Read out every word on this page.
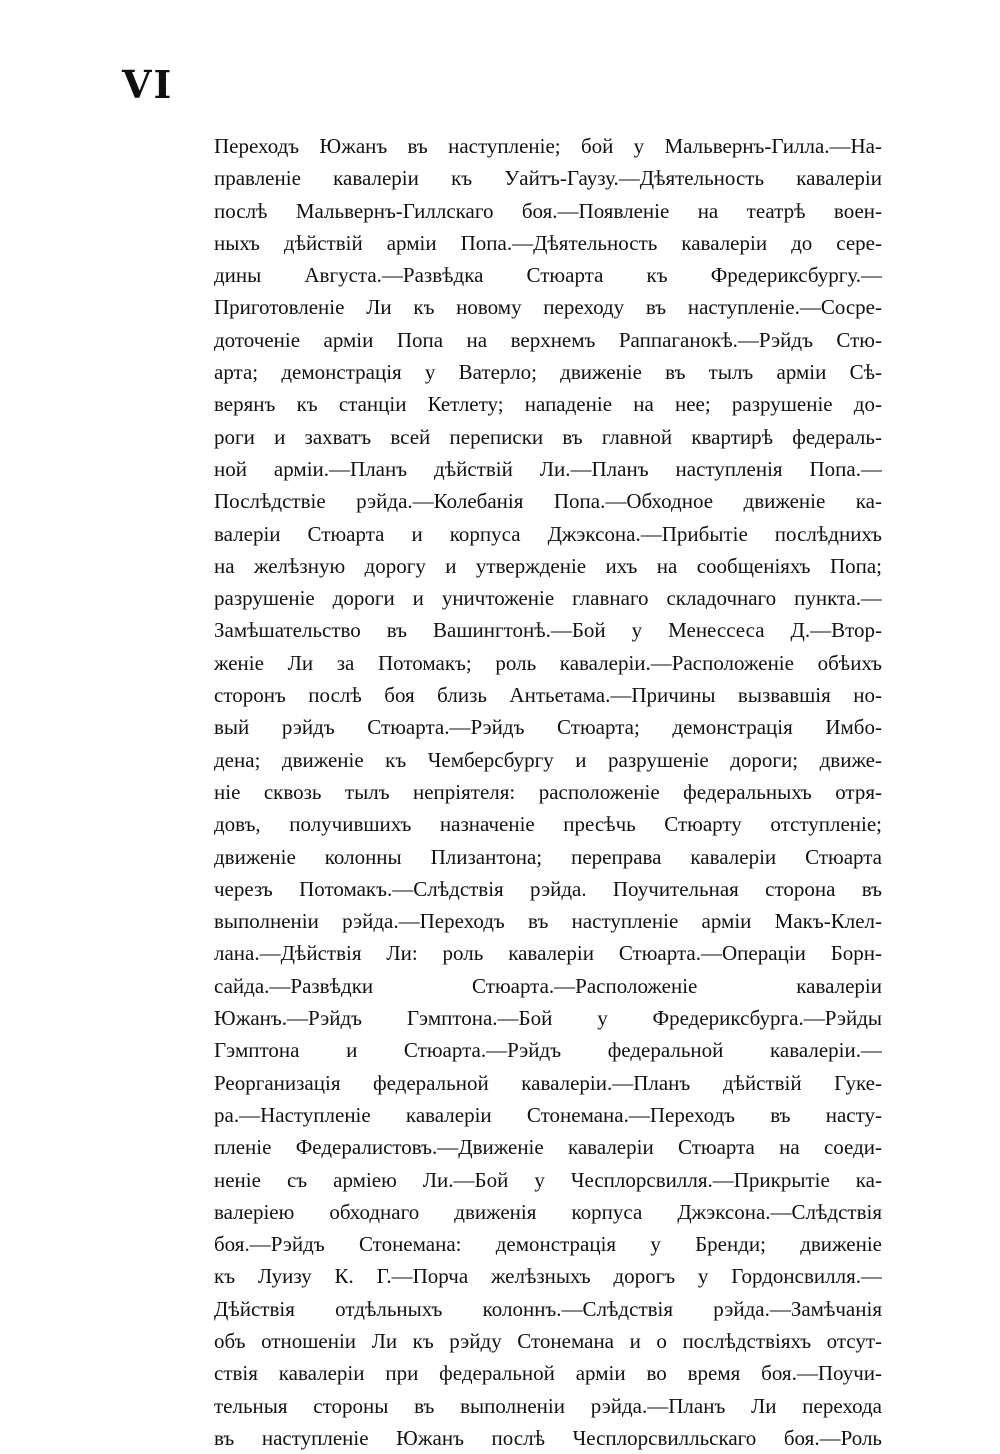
VI
Переходъ Южанъ въ наступленіе; бой у Мальвернъ-Гилла.—На-
правленіе кавалеріи къ Уайтъ-Гаузу.—Дѣятельность кавалеріи
послѣ Мальвернъ-Гиллскаго боя.—Появленіе на театрѣ воен-
ныхъ дѣйствій арміи Попа.—Дѣятельность кавалеріи до сере-
дины Августа.—Развѣдка Стюарта къ Фредериксбургу.—
Приготовленіе Ли къ новому переходу въ наступленіе.—Сосре-
доточеніе арміи Попа на верхнемъ Раппаганокѣ.—Рэйдъ Стю-
арта; демонстрація у Ватерло; движеніе въ тылъ арміи Сѣ-
верянъ къ станціи Кетлету; нападеніе на нее; разрушеніе до-
роги и захватъ всей переписки въ главной квартирѣ федераль-
ной арміи.—Планъ дѣйствій Ли.—Планъ наступленія Попа.—
Послѣдствіе рэйда.—Колебанія Попа.—Обходное движеніе ка-
валеріи Стюарта и корпуса Джэксона.—Прибытіе послѣднихъ
на желѣзную дорогу и утвержденіе ихъ на сообщеніяхъ Попа;
разрушеніе дороги и уничтоженіе главнаго складочнаго пункта.—
Замѣшательство въ Вашингтонѣ.—Бой у Менессеса Д.—Втор-
женіе Ли за Потомакъ; роль кавалеріи.—Расположеніе обѣихъ
сторонъ послѣ боя близь Антьетама.—Причины вызвавшія но-
вый рэйдъ Стюарта.—Рэйдъ Стюарта; демонстрація Имбо-
дена; движеніе къ Чемберсбургу и разрушеніе дороги; движе-
ніе сквозь тылъ непріятеля: расположеніе федеральныхъ отря-
довъ, получившихъ назначеніе пресѣчь Стюарту отступленіе;
движеніе колонны Плизантона; переправа кавалеріи Стюарта
черезъ Потомакъ.—Слѣдствія рэйда. Поучительная сторона въ
выполненіи рэйда.—Переходъ въ наступленіе арміи Макъ-Клел-
лана.—Дѣйствія Ли: роль кавалеріи Стюарта.—Операціи Борн-
сайда.—Развѣдки Стюарта.—Расположеніе кавалеріи
Южанъ.—Рэйдъ Гэмптона.—Бой у Фредериксбурга.—Рэйды
Гэмптона и Стюарта.—Рэйдъ федеральной кавалеріи.—
Реорганизація федеральной кавалеріи.—Планъ дѣйствій Гуке-
ра.—Наступленіе кавалеріи Стонемана.—Переходъ въ насту-
пленіе Федералистовъ.—Движеніе кавалеріи Стюарта на соеди-
неніе съ арміею Ли.—Бой у Чесплорсвилля.—Прикрытіе ка-
валеріею обходнаго движенія корпуса Джэксона.—Слѣдствія
боя.—Рэйдъ Стонемана: демонстрація у Бренди; движеніе
къ Луизу К. Г.—Порча желѣзныхъ дорогъ у Гордонсвилля.—
Дѣйствія отдѣльныхъ колоннъ.—Слѣдствія рэйда.—Замѣчанія
объ отношеніи Ли къ рэйду Стонемана и о послѣдствіяхъ отсут-
ствія кавалеріи при федеральной арміи во время боя.—Поучи-
тельныя стороны въ выполненіи рэйда.—Планъ Ли перехода
въ наступленіе Южанъ послѣ Чесплорсвилльскаго боя.—Роль
